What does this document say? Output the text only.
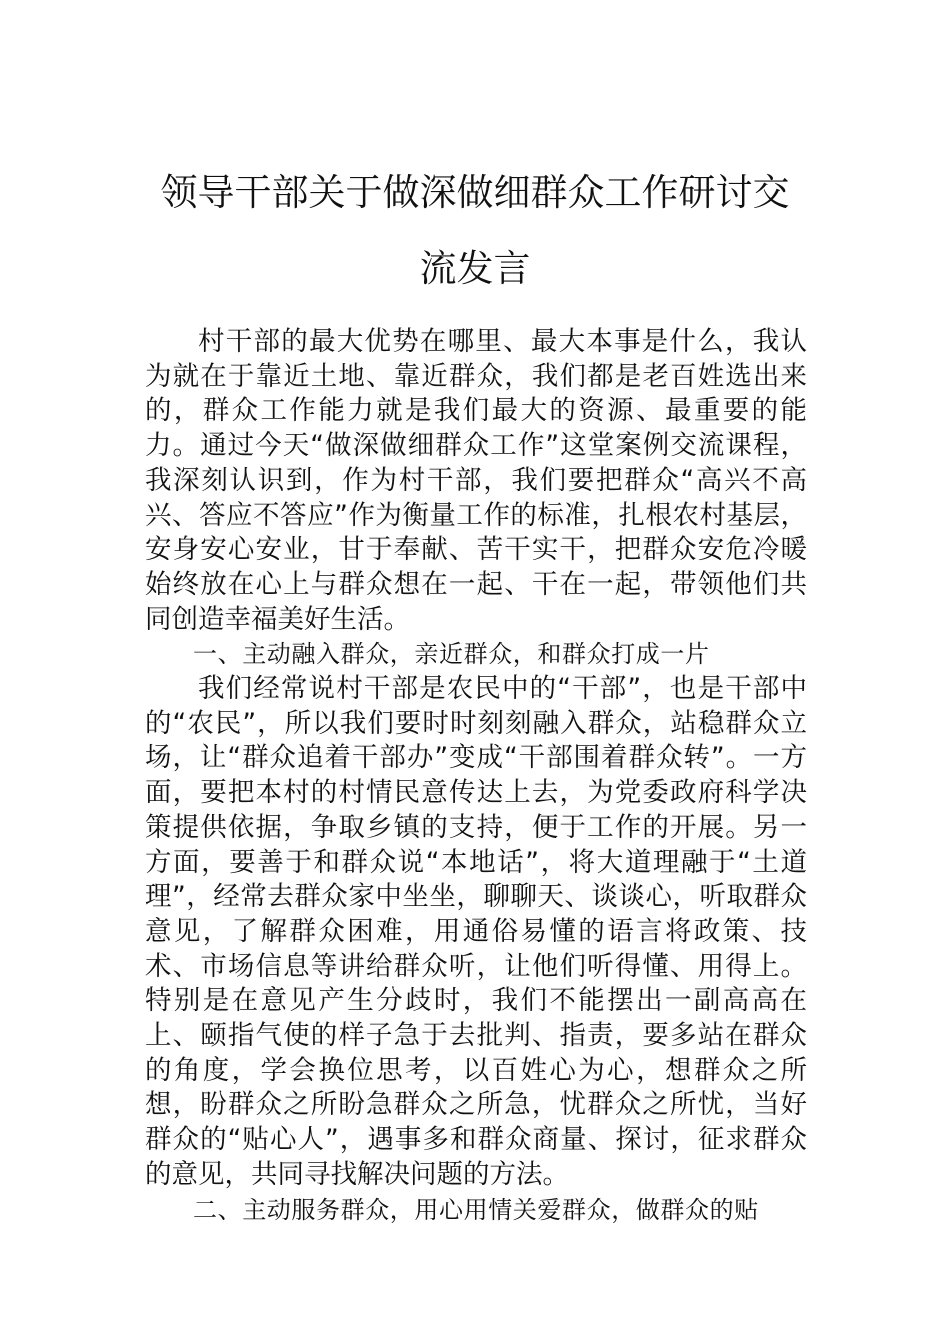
领导干部关于做深做细群众工作研讨交流发言

村干部的最大优势在哪里、最大本事是什么，我认为就在于靠近土地、靠近群众，我们都是老百姓选出来的，群众工作能力就是我们最大的资源、最重要的能力。通过今天“做深做细群众工作”这堂案例交流课程，我深刻认识到，作为村干部，我们要把群众“高兴不高兴、答应不答应”作为衡量工作的标准，扎根农村基层，安身安心安业，甘于奉献、苦干实干，把群众安危冷暖始终放在心上与群众想在一起、干在一起，带领他们共同创造幸福美好生活。

一、主动融入群众，亲近群众，和群众打成一片

我们经常说村干部是农民中的“干部”，也是干部中的“农民”，所以我们要时时刻刻融入群众，站稳群众立场，让“群众追着干部办”变成“干部围着群众转”。一方面，要把本村的村情民意传达上去，为党委政府科学决策提供依据，争取乡镇的支持，便于工作的开展。另一方面，要善于和群众说“本地话”，将大道理融于“土道理”，经常去群众家中坐坐，聊聊天、谈谈心，听取群众意见，了解群众困难，用通俗易懂的语言将政策、技术、市场信息等讲给群众听，让他们听得懂、用得上。特别是在意见产生分歧时，我们不能摆出一副高高在上、颐指气使的样子急于去批判、指责，要多站在群众的角度，学会换位思考，以百姓心为心，想群众之所想，盼群众之所盼急群众之所急，忧群众之所忧，当好群众的“贴心人”，遇事多和群众商量、探讨，征求群众的意见，共同寻找解决问题的方法。

二、主动服务群众，用心用情关爱群众，做群众的贴
